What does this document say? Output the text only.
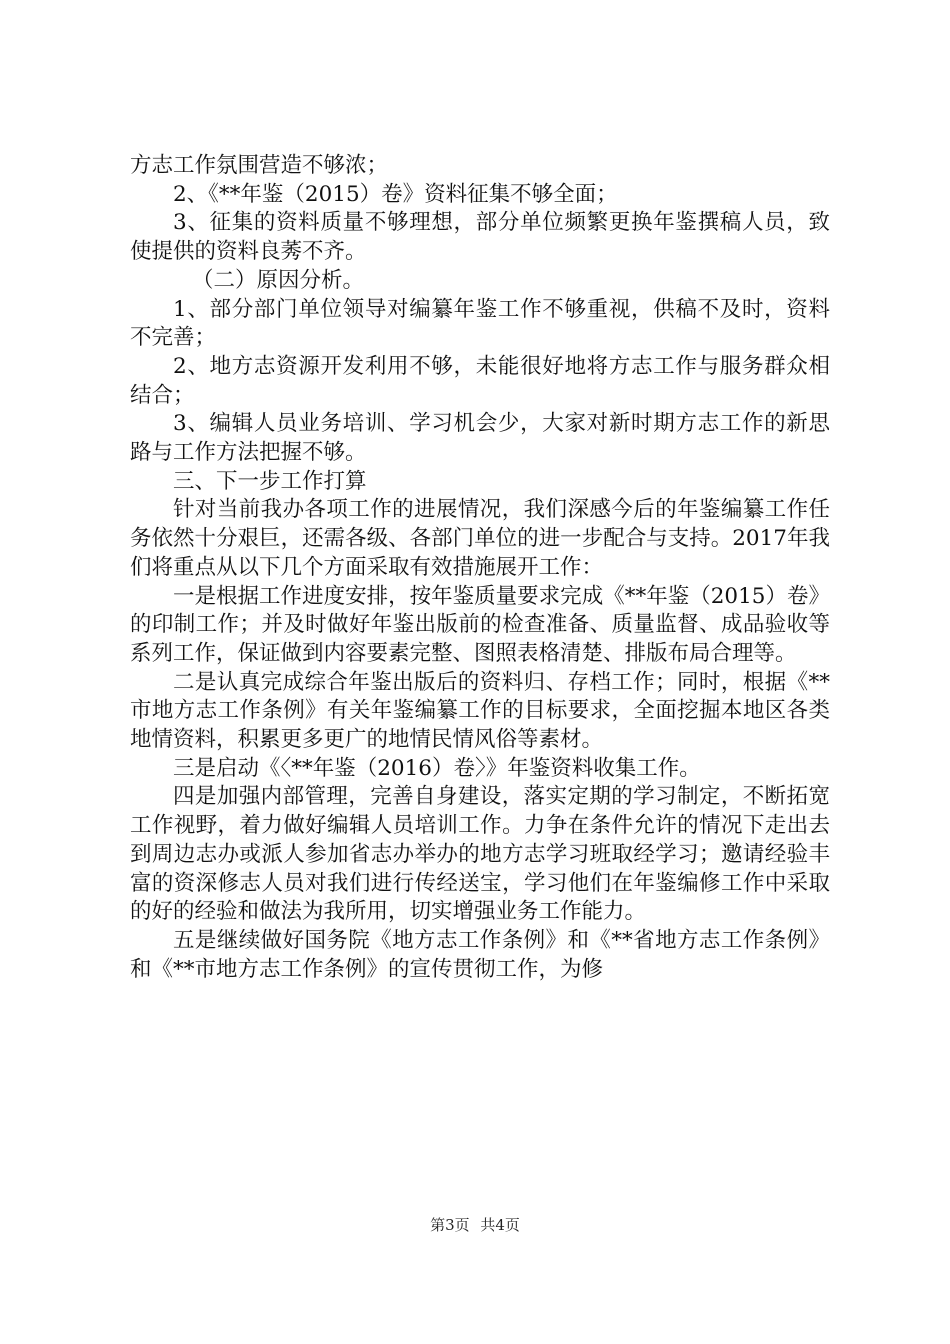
方志工作氛围营造不够浓；

2、《**年鉴（2015）卷》资料征集不够全面；

3、征集的资料质量不够理想，部分单位频繁更换年鉴撰稿人员，致使提供的资料良莠不齐。

（二）原因分析。

1、部分部门单位领导对编纂年鉴工作不够重视，供稿不及时，资料不完善；

2、地方志资源开发利用不够，未能很好地将方志工作与服务群众相结合；

3、编辑人员业务培训、学习机会少，大家对新时期方志工作的新思路与工作方法把握不够。

三、下一步工作打算

针对当前我办各项工作的进展情况，我们深感今后的年鉴编纂工作任务依然十分艰巨，还需各级、各部门单位的进一步配合与支持。2017年我们将重点从以下几个方面采取有效措施展开工作：

一是根据工作进度安排，按年鉴质量要求完成《**年鉴（2015）卷》的印制工作；并及时做好年鉴出版前的检查准备、质量监督、成品验收等系列工作，保证做到内容要素完整、图照表格清楚、排版布局合理等。

二是认真完成综合年鉴出版后的资料归、存档工作；同时，根据《**市地方志工作条例》有关年鉴编纂工作的目标要求，全面挖掘本地区各类地情资料，积累更多更广的地情民情风俗等素材。

三是启动《〈**年鉴（2016）卷〉》年鉴资料收集工作。

四是加强内部管理，完善自身建设，落实定期的学习制定，不断拓宽工作视野，着力做好编辑人员培训工作。力争在条件允许的情况下走出去到周边志办或派人参加省志办举办的地方志学习班取经学习；邀请经验丰富的资深修志人员对我们进行传经送宝，学习他们在年鉴编修工作中采取的好的经验和做法为我所用，切实增强业务工作能力。

五是继续做好国务院《地方志工作条例》和《**省地方志工作条例》和《**市地方志工作条例》的宣传贯彻工作，为修

第3页 共4页
